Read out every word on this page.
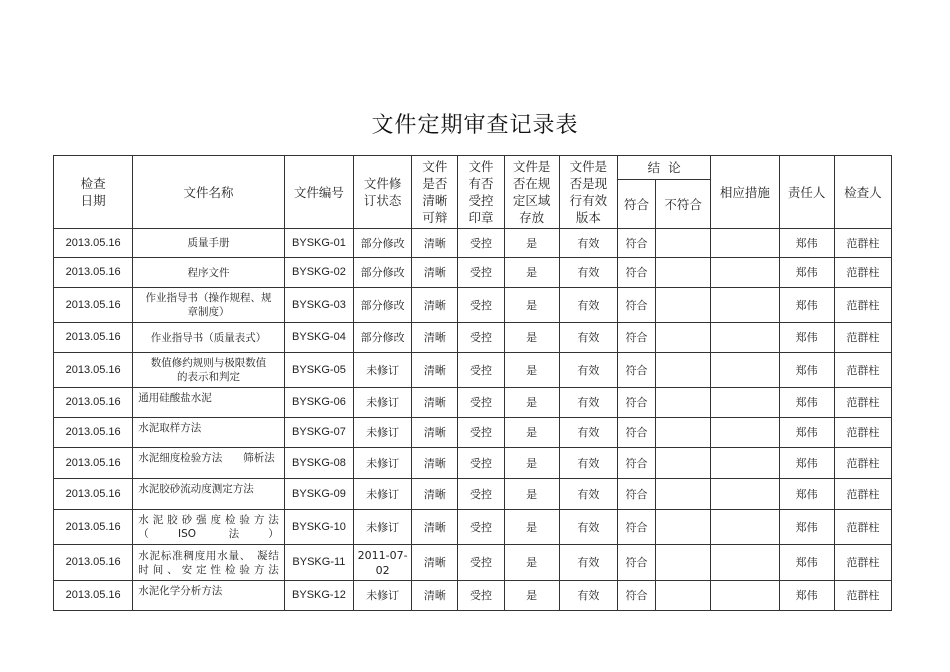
文件定期审查记录表
检查
日期	文件名称	文件编号	文件修
订状态	文件
是否
清晰
可辩	文件
有否
受控
印章	文件是
否在规
定区域
存放	文件是
否是现
行有效
版本	结  论		相应措施	责任人	检查人
								符合	不符合			
2013.05.16	质量手册	BYSKG-01	部分修改	清晰	受控	是	有效	符合			郑伟	范群柱
2013.05.16	程序文件	BYSKG-02	部分修改	清晰	受控	是	有效	符合			郑伟	范群柱
2013.05.16	作业指导书（操作规程、规
章制度）	BYSKG-03	部分修改	清晰	受控	是	有效	符合			郑伟	范群柱
2013.05.16	作业指导书（质量表式）	BYSKG-04	部分修改	清晰	受控	是	有效	符合			郑伟	范群柱
2013.05.16	数值修约规则与极限数值
的表示和判定	BYSKG-05	未修订	清晰	受控	是	有效	符合			郑伟	范群柱
2013.05.16	通用硅酸盐水泥	BYSKG-06	未修订	清晰	受控	是	有效	符合			郑伟	范群柱
2013.05.16	水泥取样方法	BYSKG-07	未修订	清晰	受控	是	有效	符合			郑伟	范群柱
2013.05.16	水泥细度检验方法　　筛析法	BYSKG-08	未修订	清晰	受控	是	有效	符合			郑伟	范群柱
2013.05.16	水泥胶砂流动度测定方法	BYSKG-09	未修订	清晰	受控	是	有效	符合			郑伟	范群柱
2013.05.16	水泥胶砂强度检验方法
（ISO 法）	BYSKG-10	未修订	清晰	受控	是	有效	符合			郑伟	范群柱
2013.05.16	水泥标准稠度用水量、　凝结
时间、安定性检验方法	BYSKG-11	2011-07-
02	清晰	受控	是	有效	符合			郑伟	范群柱
2013.05.16	水泥化学分析方法	BYSKG-12	未修订	清晰	受控	是	有效	符合			郑伟	范群柱
